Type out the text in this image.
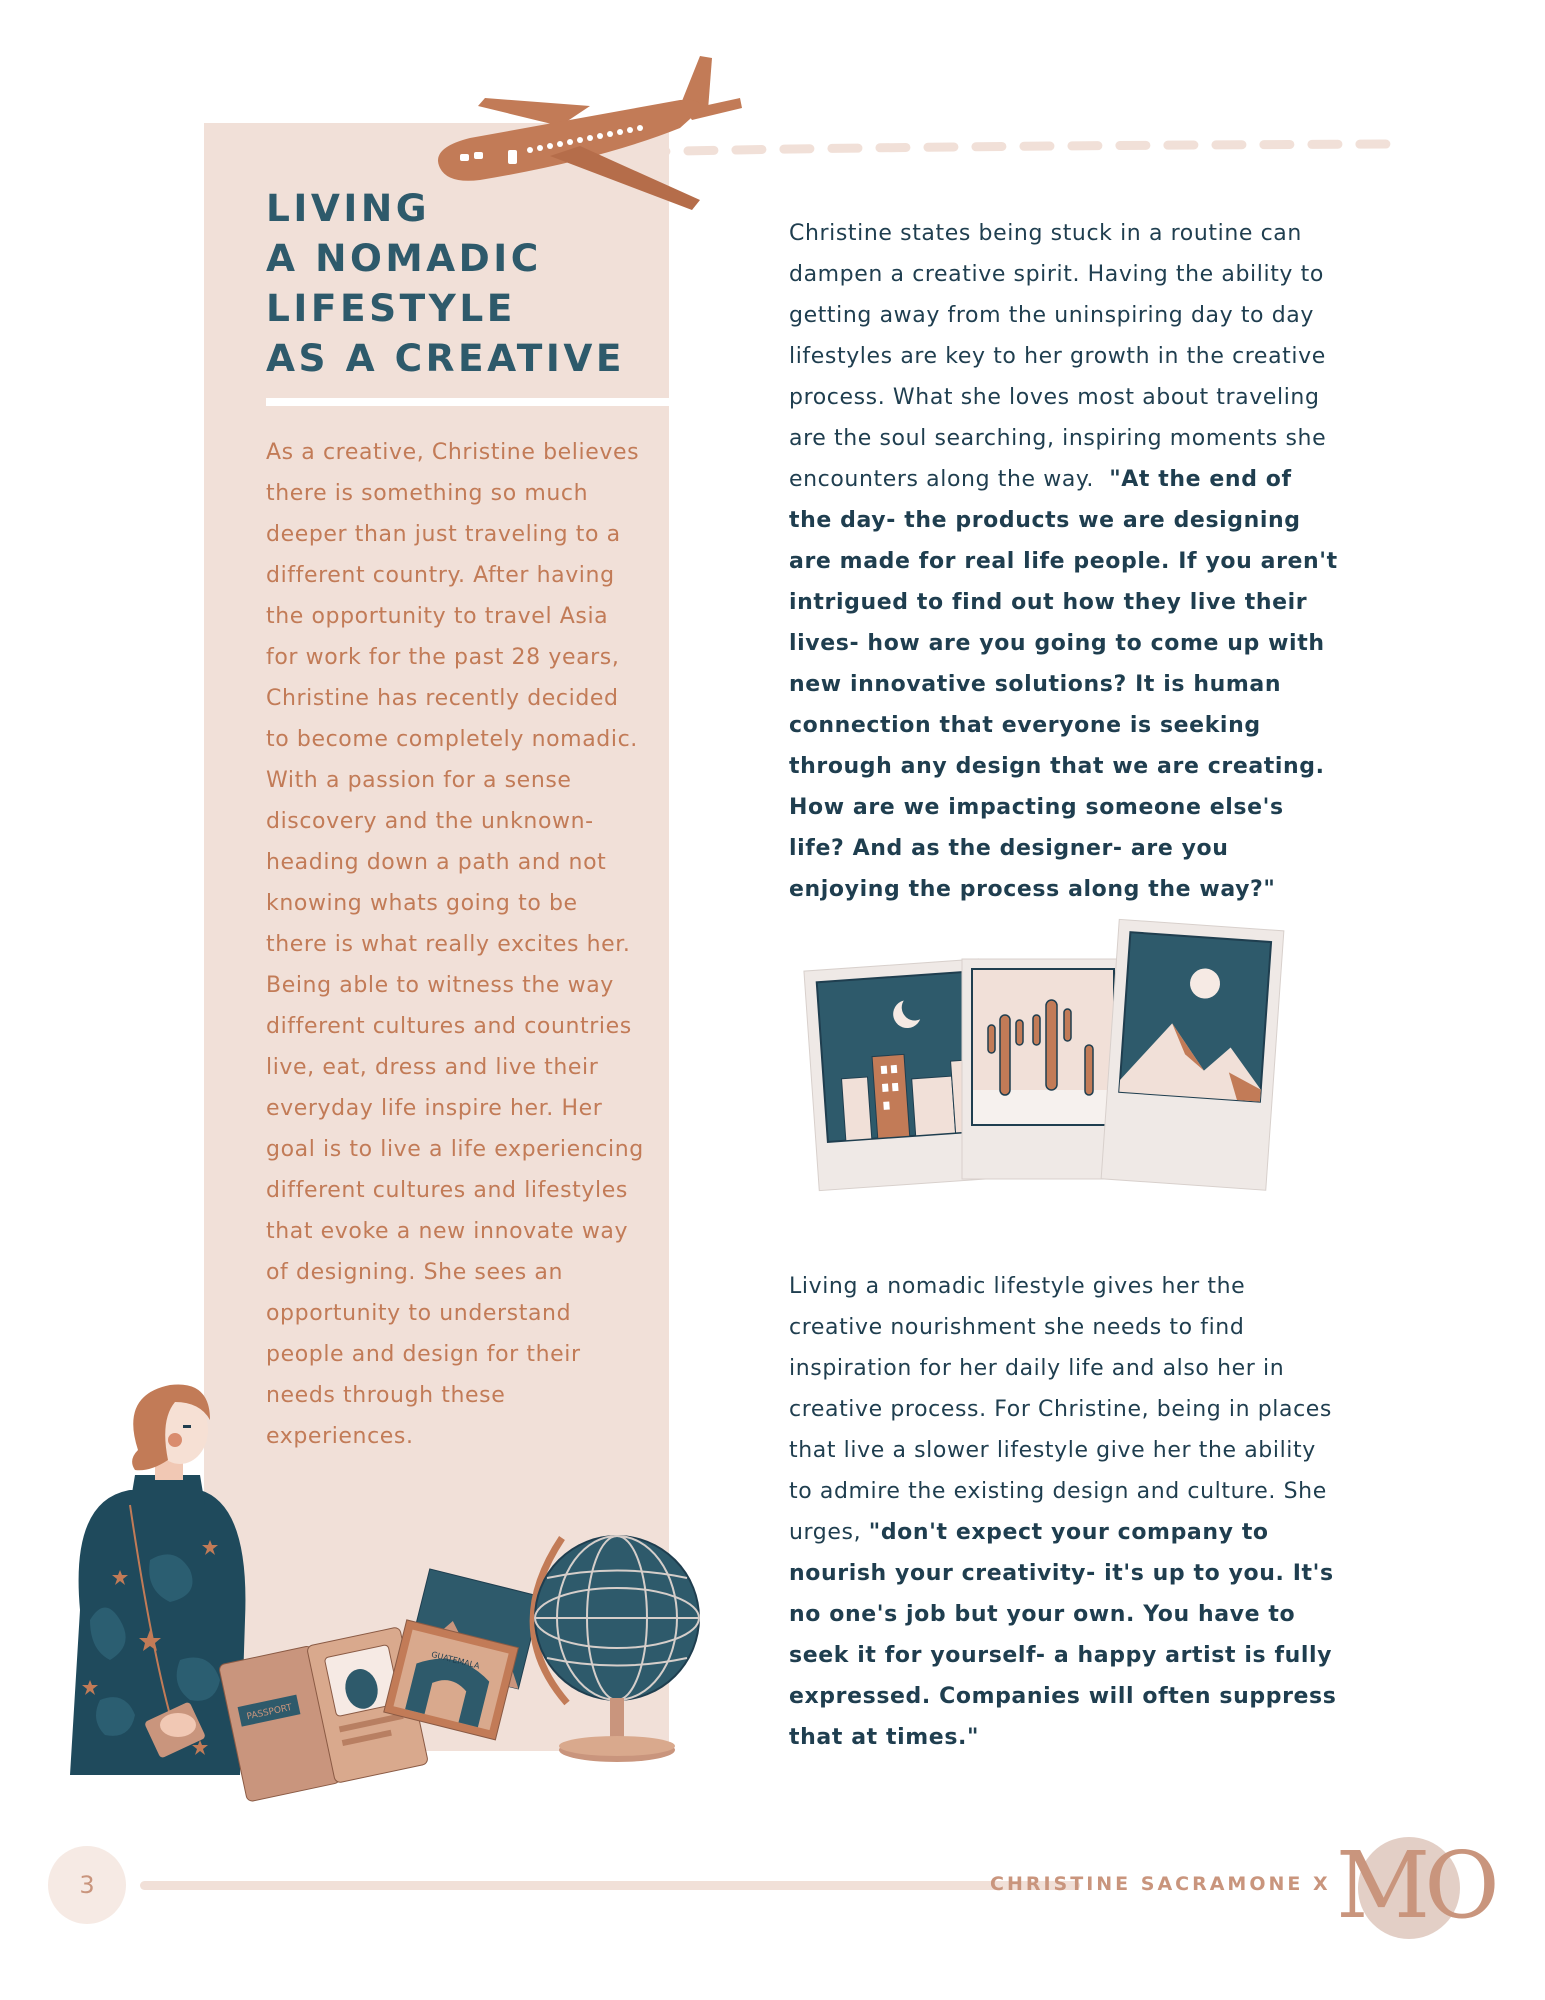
LIVING
A NOMADIC
LIFESTYLE
AS A CREATIVE

As a creative, Christine believes there is something so much deeper than just traveling to a different country. After having the opportunity to travel Asia for work for the past 28 years, Christine has recently decided to become completely nomadic. With a passion for a sense discovery and the unknown- heading down a path and not knowing whats going to be there is what really excites her. Being able to witness the way different cultures and countries live, eat, dress and live their everyday life inspire her. Her goal is to live a life experiencing different cultures and lifestyles that evoke a new innovate way of designing. She sees an opportunity to understand people and design for their needs through these experiences.

Christine states being stuck in a routine can dampen a creative spirit. Having the ability to getting away from the uninspiring day to day lifestyles are key to her growth in the creative process. What she loves most about traveling are the soul searching, inspiring moments she encounters along the way. "At the end of the day- the products we are designing are made for real life people. If you aren't intrigued to find out how they live their lives- how are you going to come up with new innovative solutions? It is human connection that everyone is seeking through any design that we are creating. How are we impacting someone else's life? And as the designer- are you enjoying the process along the way?"

Living a nomadic lifestyle gives her the creative nourishment she needs to find inspiration for her daily life and also her in creative process. For Christine, being in places that live a slower lifestyle give her the ability to admire the existing design and culture. She urges, "don't expect your company to nourish your creativity- it's up to you. It's no one's job but your own. You have to seek it for yourself- a happy artist is fully expressed. Companies will often suppress that at times."

PASSPORT
GUATEMALA
3	CHRISTINE SACRAMONE X MO
